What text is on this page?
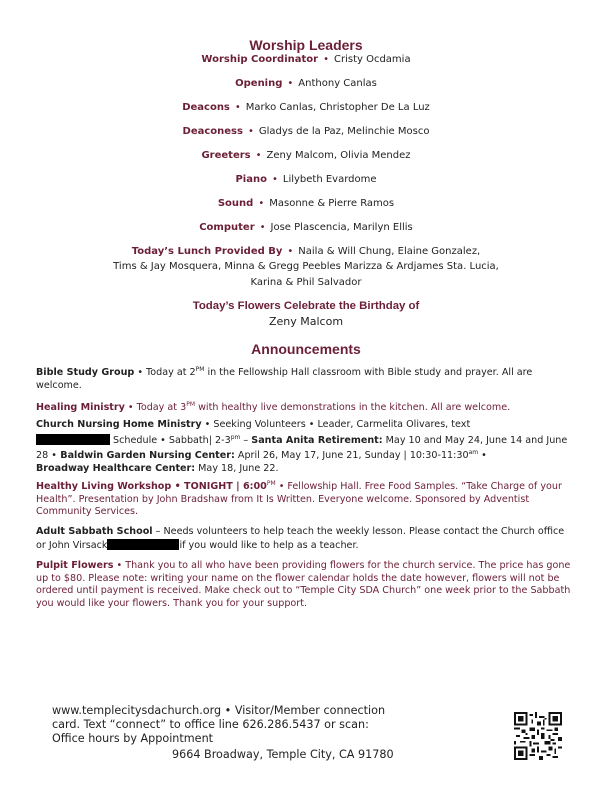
Worship Leaders
Worship Coordinator • Cristy Ocdamia
Opening • Anthony Canlas
Deacons • Marko Canlas, Christopher De La Luz
Deaconess • Gladys de la Paz, Melinchie Mosco
Greeters • Zeny Malcom, Olivia Mendez
Piano • Lilybeth Evardome
Sound • Masonne & Pierre Ramos
Computer • Jose Plascencia, Marilyn Ellis
Today’s Lunch Provided By • Naila & Will Chung, Elaine Gonzalez,
Tims & Jay Mosquera, Minna & Gregg Peebles Marizza & Ardjames Sta. Lucia,
Karina & Phil Salvador
Today’s Flowers Celebrate the Birthday of
Zeny Malcom
Announcements
Bible Study Group • Today at $2^{PM}$ in the Fellowship Hall classroom with Bible study and prayer. All are welcome.
Healing Ministry • Today at $3^{PM}$ with healthy live demonstrations in the kitchen. All are welcome.
Church Nursing Home Ministry • Seeking Volunteers • Leader, Carmelita Olivares, text
Schedule • Sabbath| $2-3^{pm}$ – Santa Anita Retirement: May 10 and May 24, June 14 and June 28 • Baldwin Garden Nursing Center: April 26, May 17, June 21, Sunday | $10:30-11:30^{am}$ •
Broadway Healthcare Center: May 18, June 22.
Healthy Living Workshop • TONIGHT | $6:00^{PM}$ • Fellowship Hall. Free Food Samples. “Take Charge of your Health”. Presentation by John Bradshaw from It Is Written. Everyone welcome. Sponsored by Adventist Community Services.
Adult Sabbath School – Needs volunteers to help teach the weekly lesson. Please contact the Church office or John Virsack	if you would like to help as a teacher.
Pulpit Flowers • Thank you to all who have been providing flowers for the church service. The price has gone up to $80. Please note: writing your name on the flower calendar holds the date however, flowers will not be ordered until payment is received. Make check out to “Temple City SDA Church” one week prior to the Sabbath you would like your flowers. Thank you for your support.
www.templecitysdachurch.org • Visitor/Member connection
card. Text “connect” to office line 626.286.5437 or scan:
Office hours by Appointment
9664 Broadway, Temple City, CA 91780
